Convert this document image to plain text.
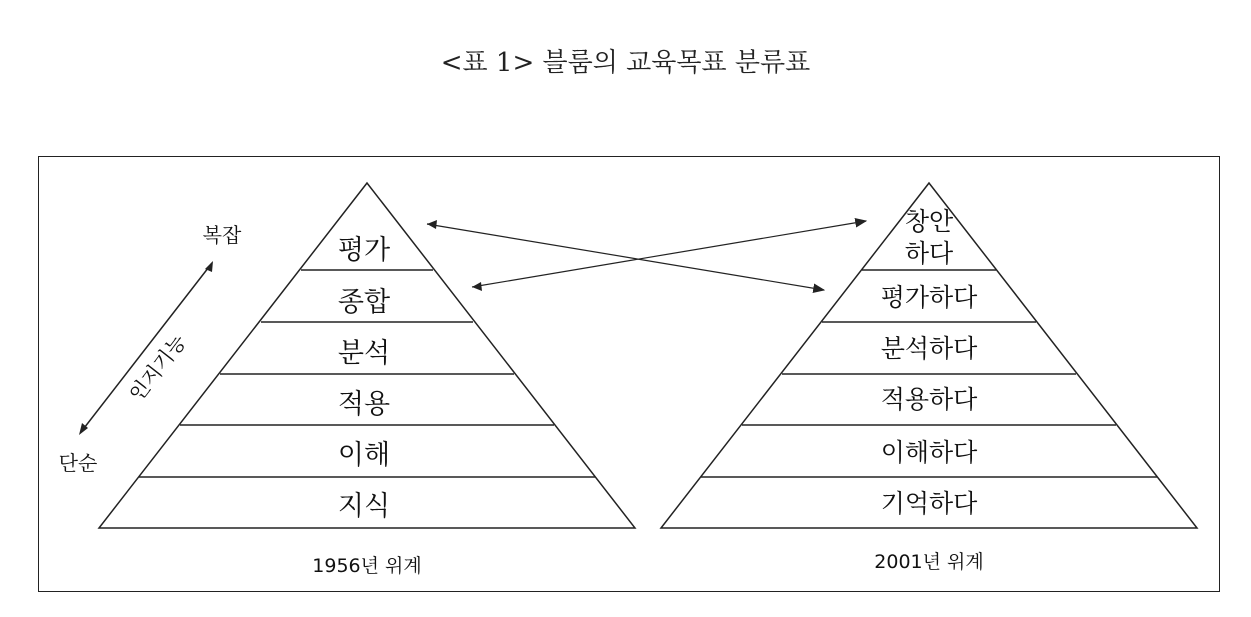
<표 1> 블룸의 교육목표 분류표
평가
종합
분석
적용
이해
지식
1956년 위계
창안
하다
평가하다
분석하다
적용하다
이해하다
기억하다
2001년 위계
복잡
단순
인지기능
